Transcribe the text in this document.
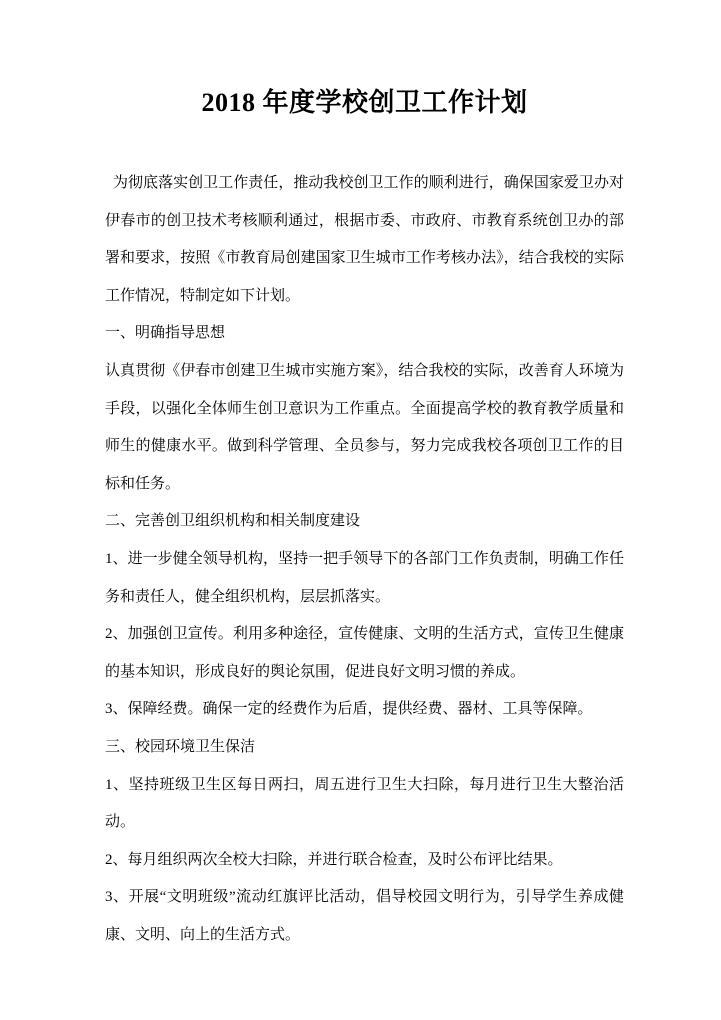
2018 年度学校创卫工作计划

为彻底落实创卫工作责任，推动我校创卫工作的顺利进行，确保国家爱卫办对伊春市的创卫技术考核顺利通过，根据市委、市政府、市教育系统创卫办的部署和要求，按照《市教育局创建国家卫生城市工作考核办法》，结合我校的实际工作情况，特制定如下计划。

一、明确指导思想

认真贯彻《伊春市创建卫生城市实施方案》，结合我校的实际，改善育人环境为手段，以强化全体师生创卫意识为工作重点。全面提高学校的教育教学质量和师生的健康水平。做到科学管理、全员参与，努力完成我校各项创卫工作的目标和任务。

二、完善创卫组织机构和相关制度建设

1、进一步健全领导机构，坚持一把手领导下的各部门工作负责制，明确工作任务和责任人，健全组织机构，层层抓落实。

2、加强创卫宣传。利用多种途径，宣传健康、文明的生活方式，宣传卫生健康的基本知识，形成良好的舆论氛围，促进良好文明习惯的养成。

3、保障经费。确保一定的经费作为后盾，提供经费、器材、工具等保障。

三、校园环境卫生保洁

1、坚持班级卫生区每日两扫，周五进行卫生大扫除，每月进行卫生大整治活动。

2、每月组织两次全校大扫除，并进行联合检查，及时公布评比结果。

3、开展“文明班级”流动红旗评比活动，倡导校园文明行为，引导学生养成健康、文明、向上的生活方式。
